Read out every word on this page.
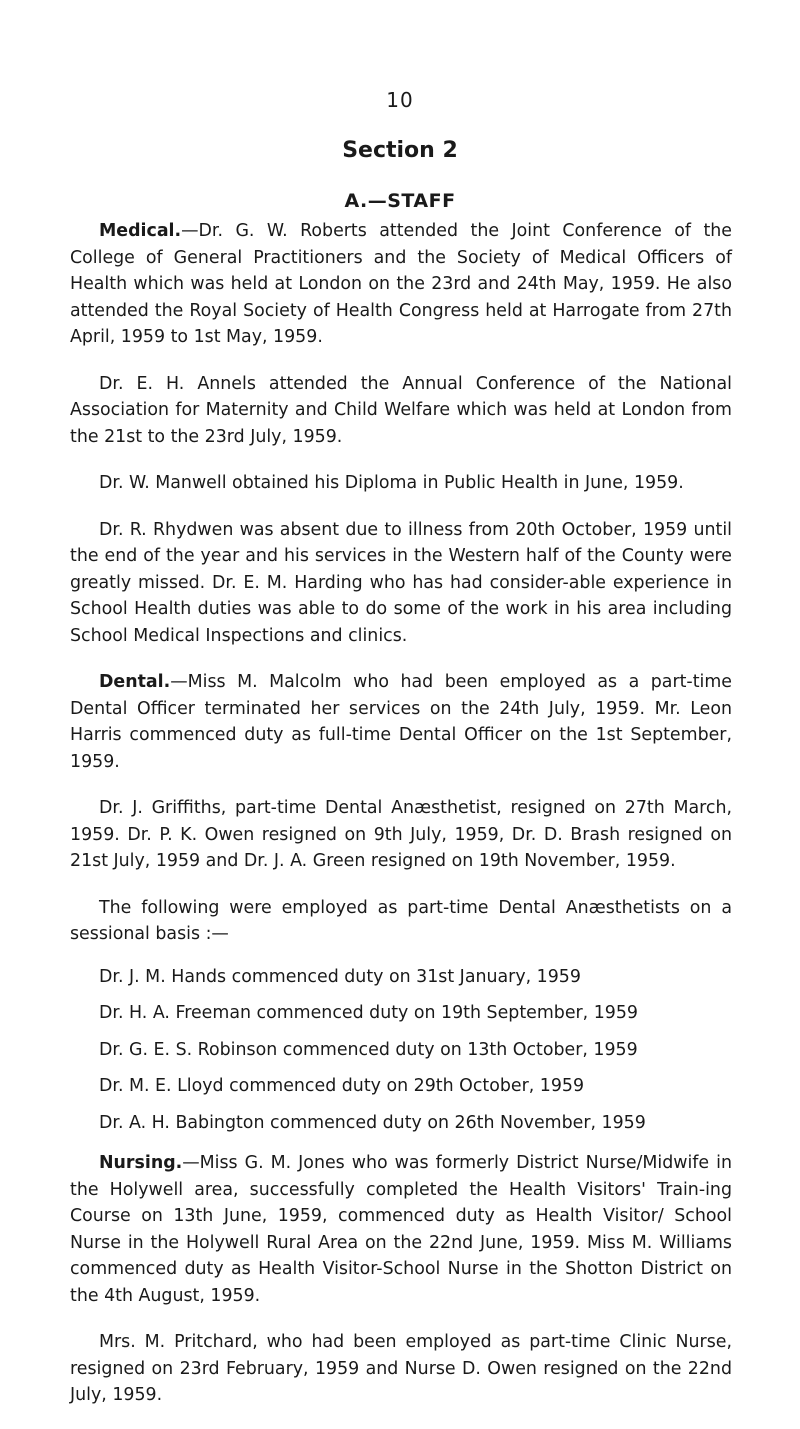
10
Section 2
A.—STAFF

Medical.—Dr. G. W. Roberts attended the Joint Conference of the College of General Practitioners and the Society of Medical Officers of Health which was held at London on the 23rd and 24th May, 1959. He also attended the Royal Society of Health Congress held at Harrogate from 27th April, 1959 to 1st May, 1959.

Dr. E. H. Annels attended the Annual Conference of the National Association for Maternity and Child Welfare which was held at London from the 21st to the 23rd July, 1959.

Dr. W. Manwell obtained his Diploma in Public Health in June, 1959.

Dr. R. Rhydwen was absent due to illness from 20th October, 1959 until the end of the year and his services in the Western half of the County were greatly missed. Dr. E. M. Harding who has had consider-able experience in School Health duties was able to do some of the work in his area including School Medical Inspections and clinics.

Dental.—Miss M. Malcolm who had been employed as a part-time Dental Officer terminated her services on the 24th July, 1959. Mr. Leon Harris commenced duty as full-time Dental Officer on the 1st September, 1959.

Dr. J. Griffiths, part-time Dental Anæsthetist, resigned on 27th March, 1959. Dr. P. K. Owen resigned on 9th July, 1959, Dr. D. Brash resigned on 21st July, 1959 and Dr. J. A. Green resigned on 19th November, 1959.

The following were employed as part-time Dental Anæsthetists on a sessional basis :—

Dr. J. M. Hands commenced duty on 31st January, 1959
Dr. H. A. Freeman commenced duty on 19th September, 1959
Dr. G. E. S. Robinson commenced duty on 13th October, 1959
Dr. M. E. Lloyd commenced duty on 29th October, 1959
Dr. A. H. Babington commenced duty on 26th November, 1959

Nursing.—Miss G. M. Jones who was formerly District Nurse/Midwife in the Holywell area, successfully completed the Health Visitors' Train-ing Course on 13th June, 1959, commenced duty as Health Visitor/ School Nurse in the Holywell Rural Area on the 22nd June, 1959. Miss M. Williams commenced duty as Health Visitor-School Nurse in the Shotton District on the 4th August, 1959.

Mrs. M. Pritchard, who had been employed as part-time Clinic Nurse, resigned on 23rd February, 1959 and Nurse D. Owen resigned on the 22nd July, 1959.
